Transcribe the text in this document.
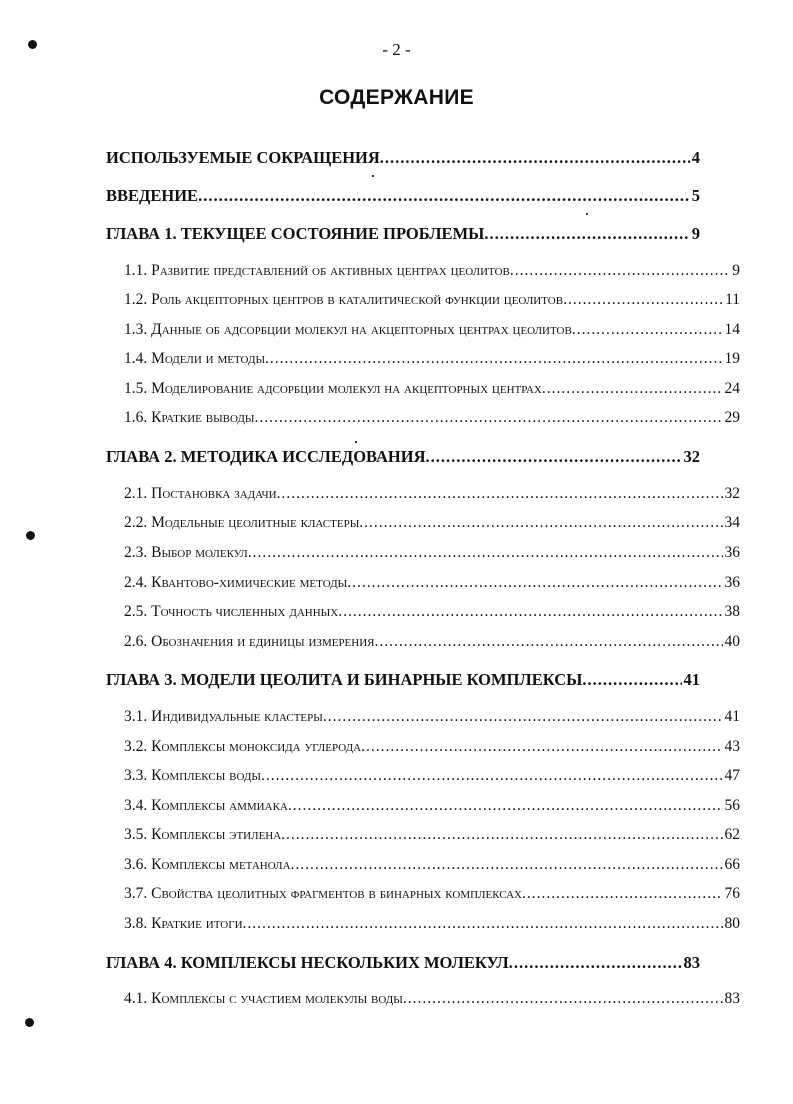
- 2 -
СОДЕРЖАНИЕ
ИСПОЛЬЗУЕМЫЕ СОКРАЩЕНИЯ .....	4
ВВЕДЕНИЕ .....	5
ГЛАВА 1. ТЕКУЩЕЕ СОСТОЯНИЕ ПРОБЛЕМЫ .....	9
1.1. Развитие представлений об активных центрах цеолитов .....	9
1.2. Роль акцепторных центров в каталитической функции цеолитов .....	11
1.3. Данные об адсорбции молекул на акцепторных центрах цеолитов .....	14
1.4. Модели и методы .....	19
1.5. Моделирование адсорбции молекул на акцепторных центрах .....	24
1.6. Краткие выводы .....	29
ГЛАВА 2. МЕТОДИКА ИССЛЕДОВАНИЯ .....	32
2.1. Постановка задачи .....	32
2.2. Модельные цеолитные кластеры .....	34
2.3. Выбор молекул .....	36
2.4. Квантово-химические методы .....	36
2.5. Точность численных данных .....	38
2.6. Обозначения и единицы измерения .....	40
ГЛАВА 3. МОДЕЛИ ЦЕОЛИТА И БИНАРНЫЕ КОМПЛЕКСЫ .....	41
3.1. Индивидуальные кластеры .....	41
3.2. Комплексы моноксида углерода .....	43
3.3. Комплексы воды .....	47
3.4. Комплексы аммиака .....	56
3.5. Комплексы этилена .....	62
3.6. Комплексы метанола .....	66
3.7. Свойства цеолитных фрагментов в бинарных комплексах .....	76
3.8. Краткие итоги .....	80
ГЛАВА 4. КОМПЛЕКСЫ НЕСКОЛЬКИХ МОЛЕКУЛ .....	83
4.1. Комплексы с участием молекулы воды .....	83
